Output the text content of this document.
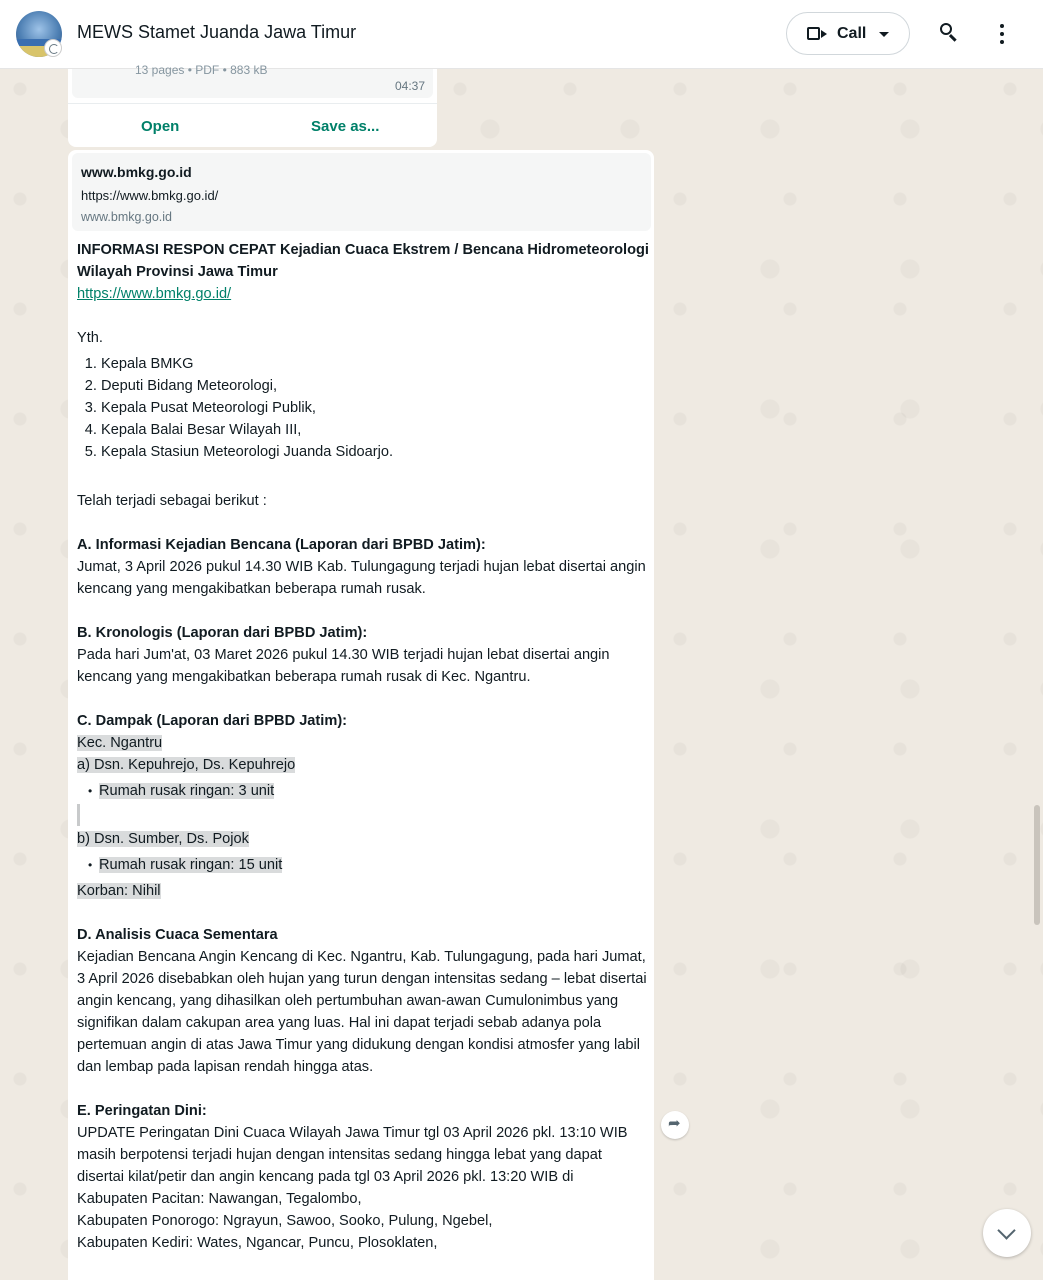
MEWS Stamet Juanda Jawa Timur	Call
13 pages • PDF • 883 kB
04:37
Open	Save as...
www.bmkg.go.id
https://www.bmkg.go.id/
www.bmkg.go.id

INFORMASI RESPON CEPAT Kejadian Cuaca Ekstrem / Bencana Hidrometeorologi Wilayah Provinsi Jawa Timur

https://www.bmkg.go.id/

Yth.

1. Kepala BMKG
2. Deputi Bidang Meteorologi,
3. Kepala Pusat Meteorologi Publik,
4. Kepala Balai Besar Wilayah III,
5. Kepala Stasiun Meteorologi Juanda Sidoarjo.

Telah terjadi sebagai berikut :

A. Informasi Kejadian Bencana (Laporan dari BPBD Jatim):

Jumat, 3 April 2026 pukul 14.30 WIB Kab. Tulungagung terjadi hujan lebat disertai angin kencang yang mengakibatkan beberapa rumah rusak.

B. Kronologis (Laporan dari BPBD Jatim):

Pada hari Jum'at, 03 Maret 2026 pukul 14.30 WIB terjadi hujan lebat disertai angin kencang yang mengakibatkan beberapa rumah rusak di Kec. Ngantru.

C. Dampak (Laporan dari BPBD Jatim):

Kec. Ngantru

a) Dsn. Kepuhrejo, Ds. Kepuhrejo

• Rumah rusak ringan: 3 unit

b) Dsn. Sumber, Ds. Pojok

• Rumah rusak ringan: 15 unit

Korban: Nihil

D. Analisis Cuaca Sementara

Kejadian Bencana Angin Kencang di Kec. Ngantru, Kab. Tulungagung, pada hari Jumat, 3 April 2026 disebabkan oleh hujan yang turun dengan intensitas sedang – lebat disertai angin kencang, yang dihasilkan oleh pertumbuhan awan-awan Cumulonimbus yang signifikan dalam cakupan area yang luas. Hal ini dapat terjadi sebab adanya pola pertemuan angin di atas Jawa Timur yang didukung dengan kondisi atmosfer yang labil dan lembap pada lapisan rendah hingga atas.

E. Peringatan Dini:

UPDATE Peringatan Dini Cuaca Wilayah Jawa Timur tgl 03 April 2026 pkl. 13:10 WIB masih berpotensi terjadi hujan dengan intensitas sedang hingga lebat yang dapat disertai kilat/petir dan angin kencang pada tgl 03 April 2026 pkl. 13:20 WIB di

Kabupaten Pacitan: Nawangan, Tegalombo,

Kabupaten Ponorogo: Ngrayun, Sawoo, Sooko, Pulung, Ngebel,

Kabupaten Kediri: Wates, Ngancar, Puncu, Plosoklaten,

➦
